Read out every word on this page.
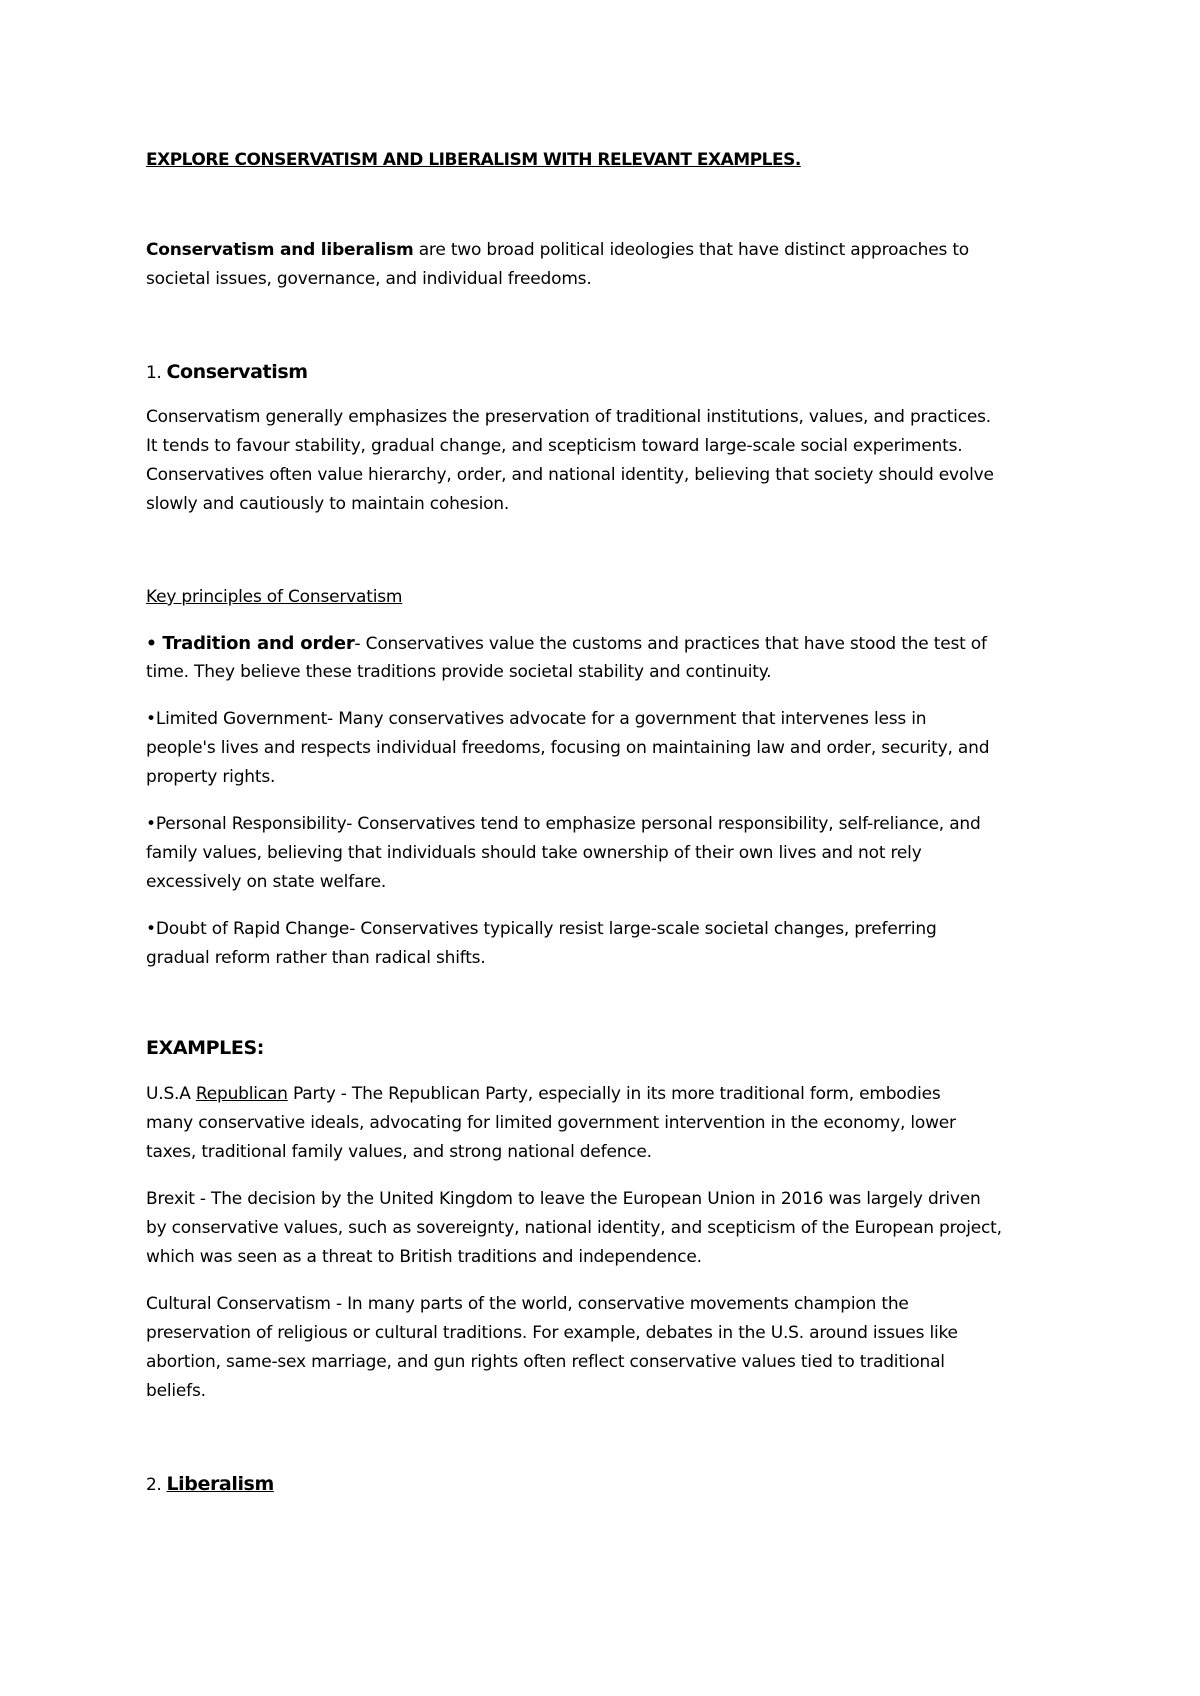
EXPLORE CONSERVATISM AND LIBERALISM WITH RELEVANT EXAMPLES.

Conservatism and liberalism are two broad political ideologies that have distinct approaches to

societal issues, governance, and individual freedoms.

1. Conservatism

Conservatism generally emphasizes the preservation of traditional institutions, values, and practices.

It tends to favour stability, gradual change, and scepticism toward large-scale social experiments.

Conservatives often value hierarchy, order, and national identity, believing that society should evolve

slowly and cautiously to maintain cohesion.

Key principles of Conservatism

• Tradition and order- Conservatives value the customs and practices that have stood the test of

time. They believe these traditions provide societal stability and continuity.

•Limited Government- Many conservatives advocate for a government that intervenes less in

people's lives and respects individual freedoms, focusing on maintaining law and order, security, and

property rights.

•Personal Responsibility- Conservatives tend to emphasize personal responsibility, self-reliance, and

family values, believing that individuals should take ownership of their own lives and not rely

excessively on state welfare.

•Doubt of Rapid Change- Conservatives typically resist large-scale societal changes, preferring

gradual reform rather than radical shifts.

EXAMPLES:

U.S.A Republican Party - The Republican Party, especially in its more traditional form, embodies

many conservative ideals, advocating for limited government intervention in the economy, lower

taxes, traditional family values, and strong national defence.

Brexit - The decision by the United Kingdom to leave the European Union in 2016 was largely driven

by conservative values, such as sovereignty, national identity, and scepticism of the European project,

which was seen as a threat to British traditions and independence.

Cultural Conservatism - In many parts of the world, conservative movements champion the

preservation of religious or cultural traditions. For example, debates in the U.S. around issues like

abortion, same-sex marriage, and gun rights often reflect conservative values tied to traditional

beliefs.

2. Liberalism
